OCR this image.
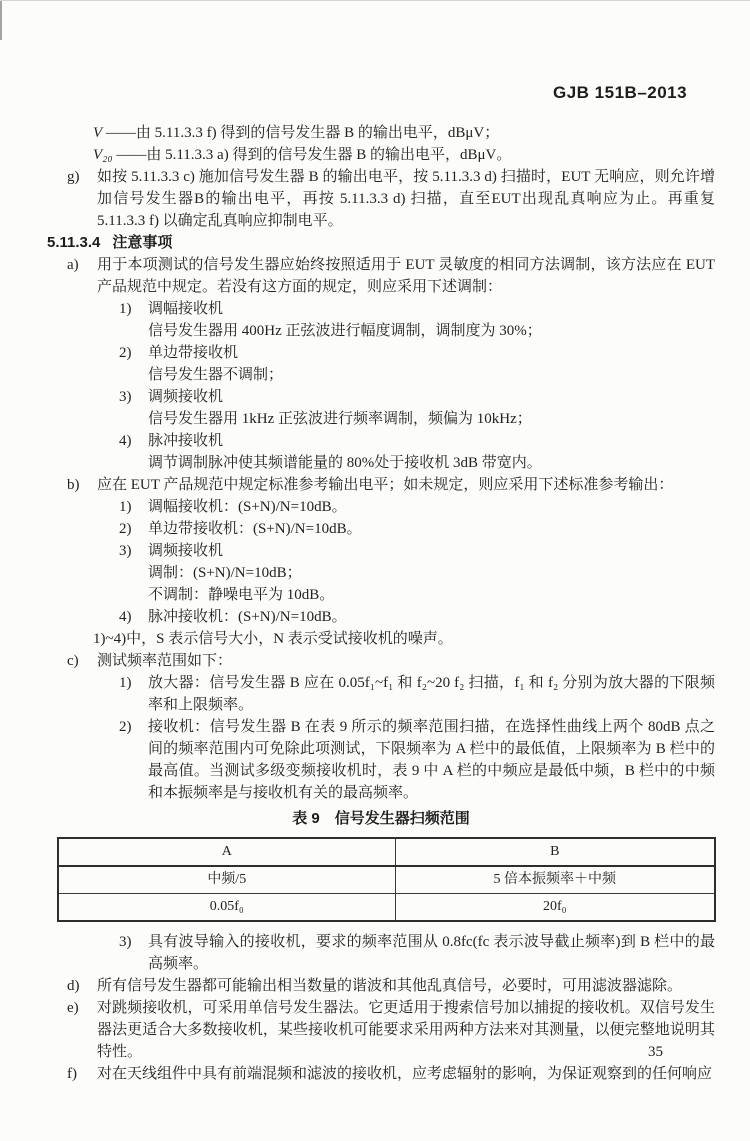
GJB 151B–2013
V ——由 5.11.3.3 f) 得到的信号发生器 B 的输出电平，dBμV；
V₂₀ ——由 5.11.3.3 a) 得到的信号发生器 B 的输出电平，dBμV。
g)	如按 5.11.3.3 c) 施加信号发生器 B 的输出电平，按 5.11.3.3 d) 扫描时，EUT 无响应，则允许增加信号发生器B的输出电平，再按 5.11.3.3 d) 扫描，直至EUT出现乱真响应为止。再重复 5.11.3.3 f) 以确定乱真响应抑制电平。
5.11.3.4 注意事项
a)	用于本项测试的信号发生器应始终按照适用于 EUT 灵敏度的相同方法调制，该方法应在 EUT 产品规范中规定。若没有这方面的规定，则应采用下述调制：
1)	调幅接收机
信号发生器用 400Hz 正弦波进行幅度调制，调制度为 30%；
2)	单边带接收机
信号发生器不调制；
3)	调频接收机
信号发生器用 1kHz 正弦波进行频率调制，频偏为 10kHz；
4)	脉冲接收机
调节调制脉冲使其频谱能量的 80%处于接收机 3dB 带宽内。
b)	应在 EUT 产品规范中规定标准参考输出电平；如未规定，则应采用下述标准参考输出：
1)	调幅接收机：(S+N)/N=10dB。
2)	单边带接收机：(S+N)/N=10dB。
3)	调频接收机
调制：(S+N)/N=10dB；
不调制：静噪电平为 10dB。
4)	脉冲接收机：(S+N)/N=10dB。
1)~4)中，S 表示信号大小，N 表示受试接收机的噪声。
c)	测试频率范围如下：
1)	放大器：信号发生器 B 应在 0.05f₁~f₁ 和 f₂~20 f₂ 扫描，f₁ 和 f₂ 分别为放大器的下限频率和上限频率。
2)	接收机：信号发生器 B 在表 9 所示的频率范围扫描，在选择性曲线上两个 80dB 点之间的频率范围内可免除此项测试，下限频率为 A 栏中的最低值，上限频率为 B 栏中的最高值。当测试多级变频接收机时，表 9 中 A 栏的中频应是最低中频，B 栏中的中频和本振频率是与接收机有关的最高频率。
表 9　信号发生器扫频范围
A	B
中频/5	5 倍本振频率＋中频
0.05f₀	20f₀
3)	具有波导输入的接收机，要求的频率范围从 0.8fc(fc 表示波导截止频率)到 B 栏中的最高频率。
d)	所有信号发生器都可能输出相当数量的谐波和其他乱真信号，必要时，可用滤波器滤除。
e)	对跳频接收机，可采用单信号发生器法。它更适用于搜索信号加以捕捉的接收机。双信号发生器法更适合大多数接收机，某些接收机可能要求采用两种方法来对其测量，以便完整地说明其特性。
f)	对在天线组件中具有前端混频和滤波的接收机，应考虑辐射的影响，为保证观察到的任何响应
35
